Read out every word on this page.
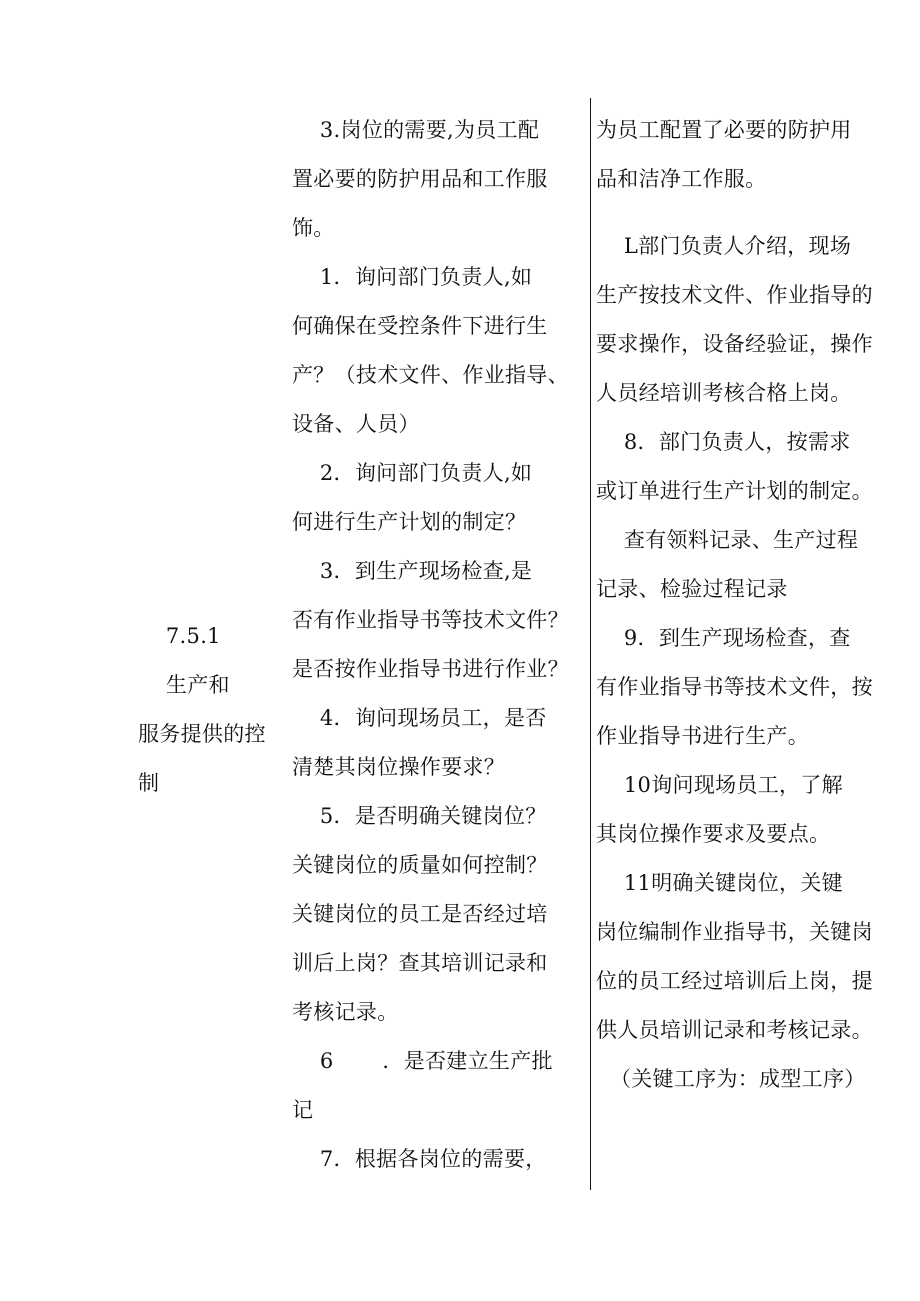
7.5.1

生产和

服务提供的控

制

3.岗位的需要,为员工配

置必要的防护用品和工作服

饰。

1．询问部门负责人,如

何确保在受控条件下进行生

产？（技术文件、作业指导、

设备、人员）

2．询问部门负责人,如

何进行生产计划的制定？

3．到生产现场检查,是

否有作业指导书等技术文件？

是否按作业指导书进行作业？

4．询问现场员工，是否

清楚其岗位操作要求？

5．是否明确关键岗位？

关键岗位的质量如何控制？

关键岗位的员工是否经过培

训后上岗？查其培训记录和

考核记录。

6       ．是否建立生产批

记

7．根据各岗位的需要，

为员工配置了必要的防护用

品和洁净工作服。

L部门负责人介绍，现场

生产按技术文件、作业指导的

要求操作，设备经验证，操作

人员经培训考核合格上岗。

8．部门负责人，按需求

或订单进行生产计划的制定。

查有领料记录、生产过程

记录、检验过程记录

9．到生产现场检查，查

有作业指导书等技术文件，按

作业指导书进行生产。

10询问现场员工，了解

其岗位操作要求及要点。

11明确关键岗位，关键

岗位编制作业指导书，关键岗

位的员工经过培训后上岗，提

供人员培训记录和考核记录。

（关键工序为：成型工序）
